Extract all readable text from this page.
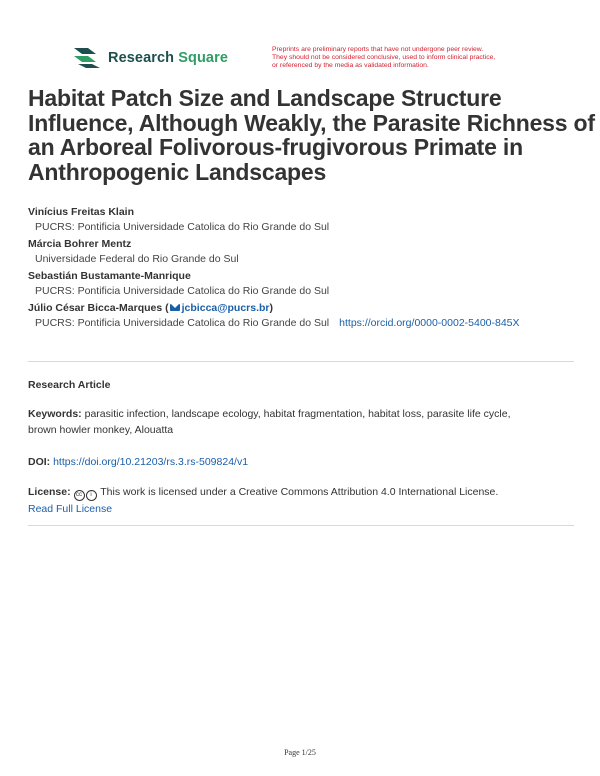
Research Square
Preprints are preliminary reports that have not undergone peer review.
They should not be considered conclusive, used to inform clinical practice,
or referenced by the media as validated information.
Habitat Patch Size and Landscape Structure
Influence, Although Weakly, the Parasite Richness of
an Arboreal Folivorous-frugivorous Primate in
Anthropogenic Landscapes
Vinícius Freitas Klain
PUCRS: Pontificia Universidade Catolica do Rio Grande do Sul
Márcia Bohrer Mentz
Universidade Federal do Rio Grande do Sul
Sebastián Bustamante-Manrique
PUCRS: Pontificia Universidade Catolica do Rio Grande do Sul
Júlio César Bicca-Marques ( jcbicca@pucrs.br)
PUCRS: Pontificia Universidade Catolica do Rio Grande do Sul https://orcid.org/0000-0002-5400-845X
Research Article
Keywords: parasitic infection, landscape ecology, habitat fragmentation, habitat loss, parasite life cycle,
brown howler monkey, Alouatta
DOI: https://doi.org/10.21203/rs.3.rs-509824/v1
License: cc i This work is licensed under a Creative Commons Attribution 4.0 International License.
Read Full License
Page 1/25
